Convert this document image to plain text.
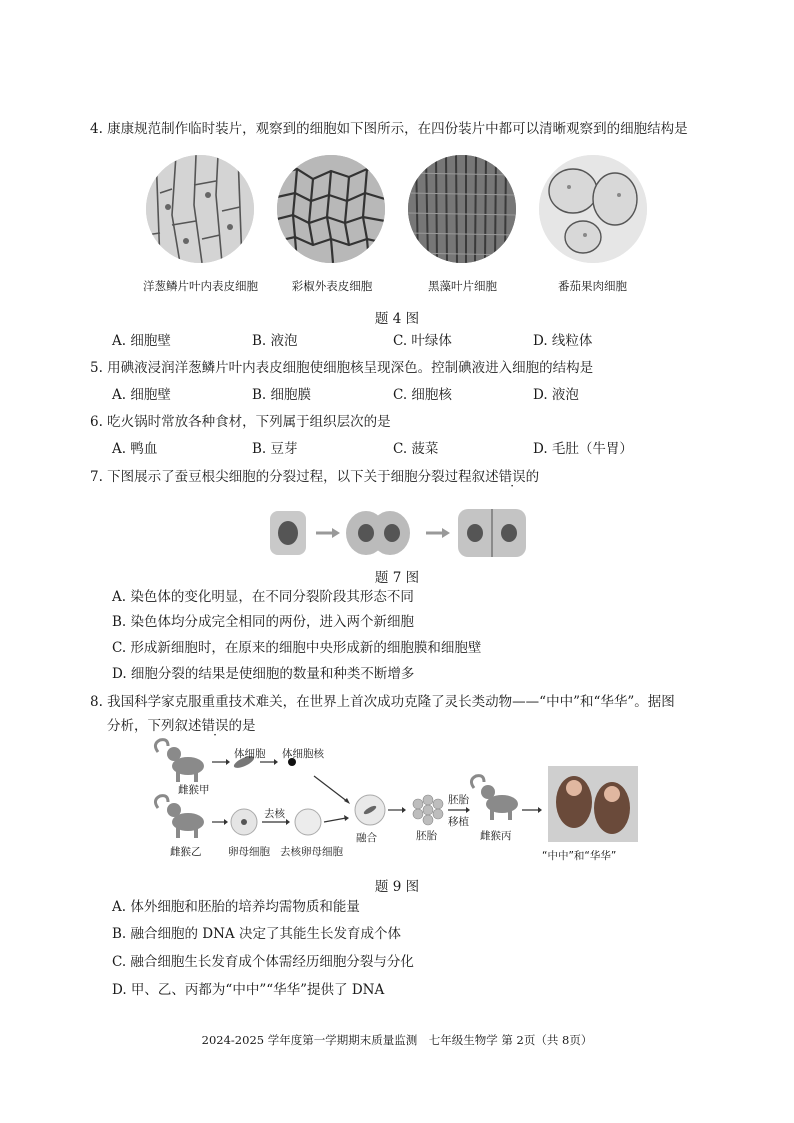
4. 康康规范制作临时装片，观察到的细胞如下图所示，在四份装片中都可以清晰观察到的细胞结构是
洋葱鳞片叶内表皮细胞	彩椒外表皮细胞	黑藻叶片细胞	番茄果肉细胞
题 4 图
A. 细胞壁	B. 液泡	C. 叶绿体	D. 线粒体
5. 用碘液浸润洋葱鳞片叶内表皮细胞使细胞核呈现深色。控制碘液进入细胞的结构是
A. 细胞壁	B. 细胞膜	C. 细胞核	D. 液泡
6. 吃火锅时常放各种食材，下列属于组织层次的是
A. 鸭血	B. 豆芽	C. 菠菜	D. 毛肚（牛胃）
7. 下图展示了蚕豆根尖细胞的分裂过程，以下关于细胞分裂过程叙述错误的
题 7 图
A. 染色体的变化明显，在不同分裂阶段其形态不同
B. 染色体均分成完全相同的两份，进入两个新细胞
C. 形成新细胞时，在原来的细胞中央形成新的细胞膜和细胞壁
D. 细胞分裂的结果是使细胞的数量和种类不断增多
8. 我国科学家克服重重技术难关，在世界上首次成功克隆了灵长类动物——“中中”和“华华”。据图
分析，下列叙述错误的是
雌猴甲
体细胞 体细胞核
雌猴乙	卵母细胞
去核
去核卵母细胞
融合	胚胎
胚胎
移植
雌猴丙
“中中”和“华华”
题 9 图
A. 体外细胞和胚胎的培养均需物质和能量
B. 融合细胞的 DNA 决定了其能生长发育成个体
C. 融合细胞生长发育成个体需经历细胞分裂与分化
D. 甲、乙、丙都为“中中”“华华”提供了 DNA
2024-2025 学年度第一学期期末质量监测　七年级生物学 第 2页（共 8页）
